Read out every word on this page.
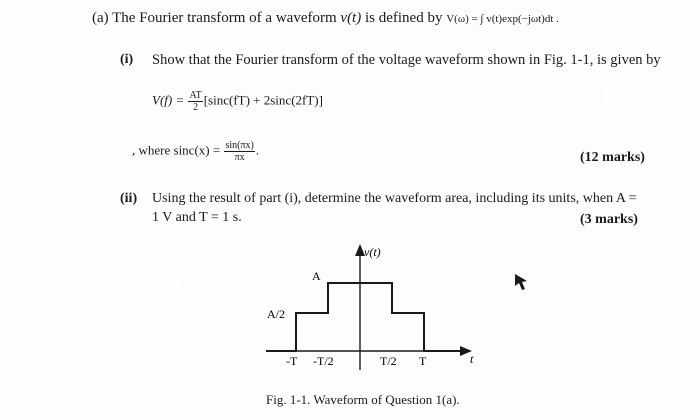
(a) The Fourier transform of a waveform v(t) is defined by V(ω) = ∫ v(t)exp(−jωt)dt .
(i) Show that the Fourier transform of the voltage waveform shown in Fig. 1-1, is given by
$V(f) = \frac{AT}{2} [\sin c(fT) + 2\sin c(2fT)]$
, where $\sin c(x) = \frac{\sin(\pi x)}{\pi x}$ .
(12 marks)
(ii) Using the result of part (i), determine the waveform area, including its units, when A =
1 V and T = 1 s.	(3 marks)
v(t)
t
A
A/2
-T -T/2	T/2 T
Fig. 1-1. Waveform of Question 1(a).
